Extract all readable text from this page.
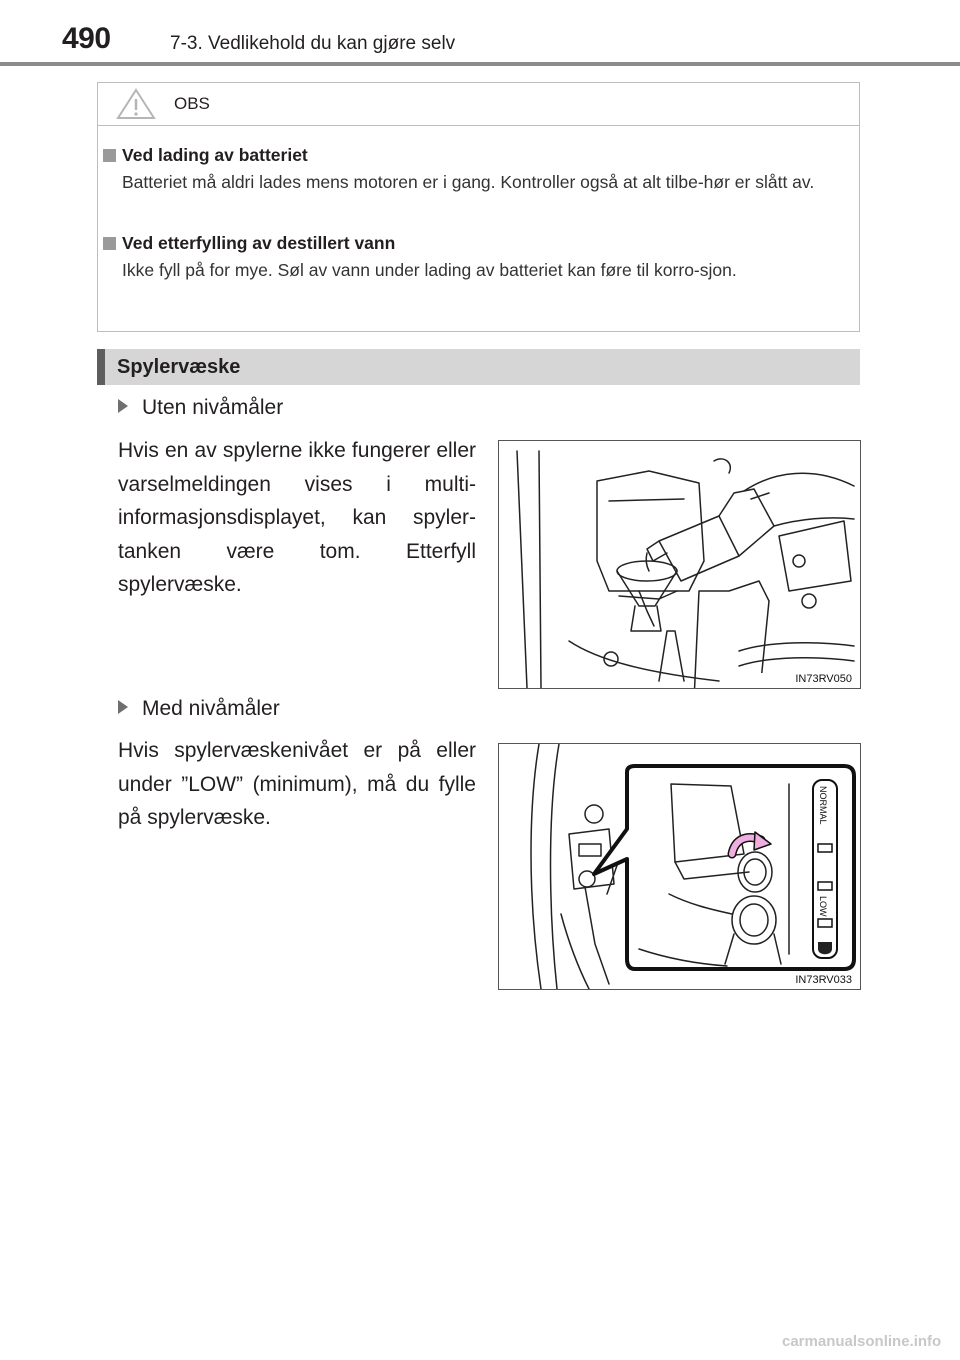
490	7-3. Vedlikehold du kan gjøre selv
OBS
Ved lading av batteriet
Batteriet må aldri lades mens motoren er i gang. Kontroller også at alt tilbe-hør er slått av.
Ved etterfylling av destillert vann
Ikke fyll på for mye. Søl av vann under lading av batteriet kan føre til korro-sjon.
Spylervæske
Uten nivåmåler
Hvis en av spylerne ikke fungerer eller varselmeldingen vises i multi-informasjonsdisplayet, kan spyler-tanken være tom. Etterfyll spylervæske.
IN73RV050
Med nivåmåler
Hvis spylervæskenivået er på eller under ”LOW” (minimum), må du fylle på spylervæske.	NORMAL
LOW
IN73RV033
carmanualsonline.info
